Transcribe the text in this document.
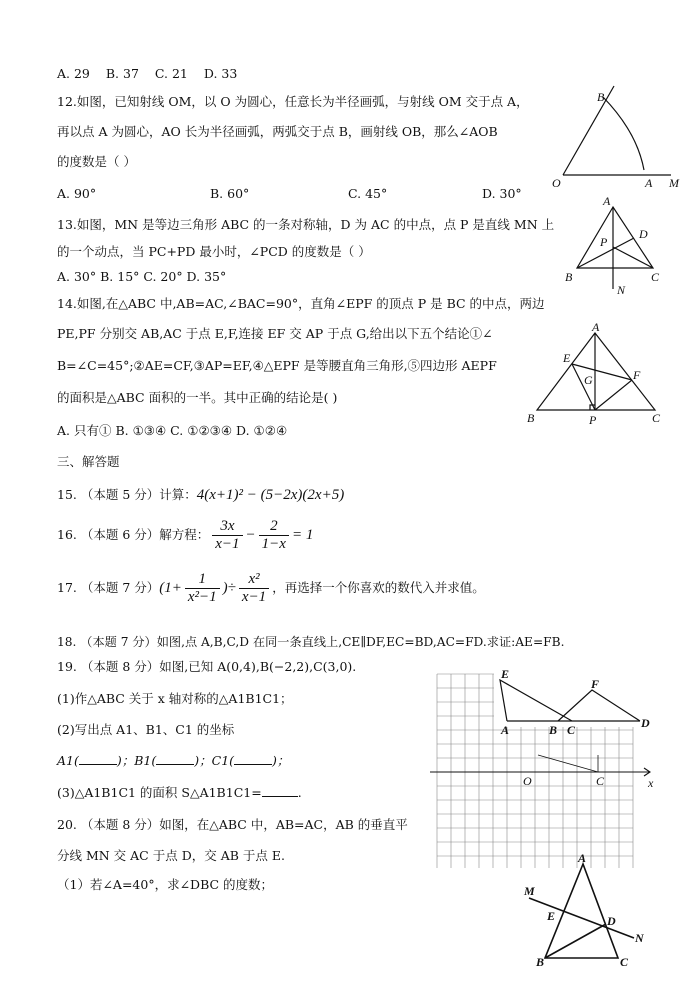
A. 29 B. 37 C. 21 D. 33
12.如图，已知射线 OM，以 O 为圆心，任意长为半径画弧，与射线 OM 交于点 A，
再以点 A 为圆心，AO 长为半径画弧，两弧交于点 B，画射线 OB，那么∠AOB
的度数是（ ）
A. 90°	B. 60°	C. 45°	D. 30°
B
O	A M
13.如图，MN 是等边三角形 ABC 的一条对称轴，D 为 AC 的中点，点 P 是直线 MN 上
的一个动点，当 PC+PD 最小时，∠PCD 的度数是（ ）
A. 30° B. 15° C. 20° D. 35°
A
D
P
B	C
N
14.如图,在△ABC 中,AB=AC,∠BAC=90°，直角∠EPF 的顶点 P 是 BC 的中点，两边
PE,PF 分别交 AB,AC 于点 E,F,连接 EF 交 AP 于点 G,给出以下五个结论①∠
B=∠C=45°;②AE=CF,③AP=EF,④△EPF 是等腰直角三角形,⑤四边形 AEPF
的面积是△ABC 面积的一半。其中正确的结论是( )
A. 只有① B. ①③④ C. ①②③④ D. ①②④
A
E
F
G
B	P	C
三、解答题
15. （本题 5 分）计算：4(x+1)² − (5−2x)(2x+5)
16. （本题 6 分）解方程： $\frac{3x}{x-1} - \frac{2}{1-x} = 1$
17. （本题 7 分） ($1+ \frac{1}{\text{x²−1}}$ )÷ $\frac{\text{x²}}{x-1}$ ，再选择一个你喜欢的数代入并求值。
18. （本题 7 分）如图,点 A,B,C,D 在同一条直线上,CE∥DF,EC=BD,AC=FD.求证:AE=FB.
19. （本题 8 分）如图,已知 A(0,4),B(−2,2),C(3,0).
(1)作△ABC 关于 x 轴对称的△A1B1C1；
(2)写出点 A1、B1、C1 的坐标
A1(	)；B1(	)；C1(	)；
(3)△A1B1C1 的面积 S△A1B1C1=	.
20. （本题 8 分）如图，在△ABC 中，AB=AC，AB 的垂直平
分线 MN 交 AC 于点 D，交 AB 于点 E.
（1）若∠A=40°，求∠DBC 的度数；
O	C	x
E
F
A	B C	D
A
M
E	D
N
B	C
